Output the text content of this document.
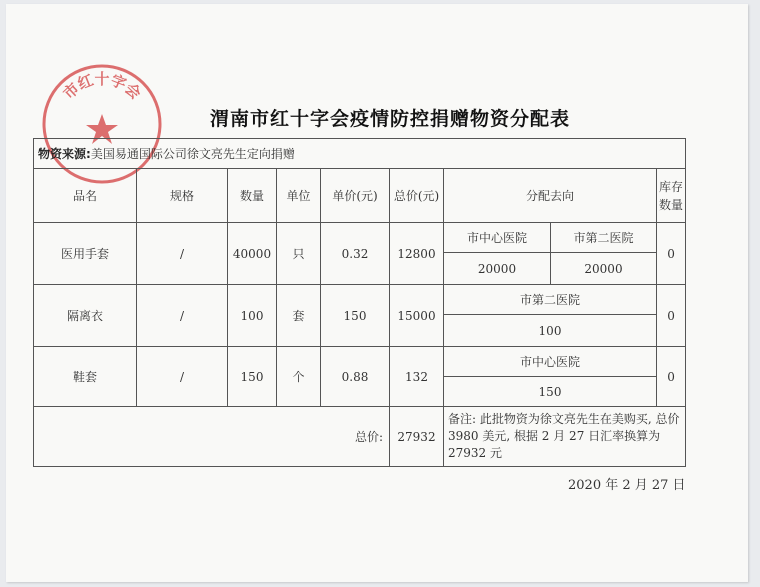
市红十字会
渭南市红十字会疫情防控捐赠物资分配表
物资来源:美国易通国际公司徐文亮先生定向捐赠								
品名	规格	数量	单位	单价(元)	总价(元)	分配去向		库存数量
医用手套	/	40000	只	0.32	12800	市中心医院	市第二医院	0
						20000	20000	
隔离衣	/	100	套	150	15000	市第二医院		0
						100		
鞋套	/	150	个	0.88	132	市中心医院		0
						150		
总价:					27932	备注: 此批物资为徐文亮先生在美购买, 总价 3980 美元, 根据 2 月 27 日汇率换算为 27932 元		
2020 年 2 月 27 日
